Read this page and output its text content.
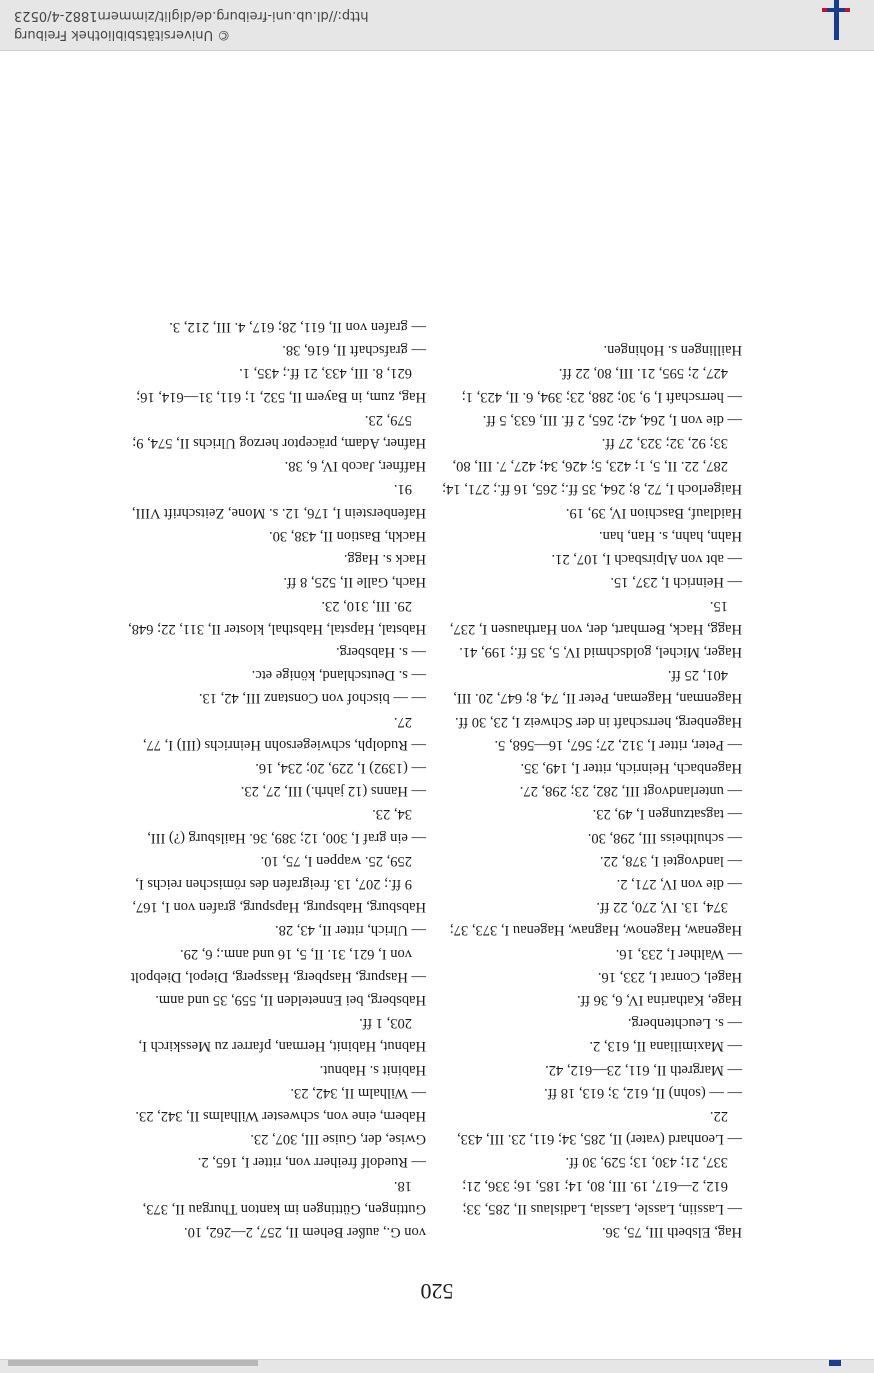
© Universitätsbibliothek Freiburg
http://dl.ub.uni-freiburg.de/diglit/zimmern1882-4/0523
520

Hag, Elsbeth III, 75, 36.

— Lassiin, Lassle, Lassla, Ladislaus II, 285, 33; 612, 2—617, 19. III, 80, 14; 185, 16; 336, 21; 337, 21; 430, 13; 529, 30 ff.

— Leonhard (vater) II, 285, 34; 611, 23. III, 433, 22.

— — (sohn) II, 612, 3; 613, 18 ff.

— Margreth II, 611, 23—612, 42.

— Maximiliana II, 613, 2.

— s. Leuchtenberg.

Hage, Katharina IV, 6, 36 ff.

Hagel, Conrat I, 233, 16.

— Walther I, 233, 16.

Hagenaw, Hagenow, Hagnaw, Hagenau I, 373, 37; 374, 13. IV, 270, 22 ff.

— die von IV, 271, 2.

— landvogtei I, 378, 22.

— schultheiss III, 298, 30.

— tagsatzungen I, 49, 23.

— unterlandvogt III, 282, 23; 298, 27.

Hagenbach, Heinrich, ritter I, 149, 35.

— Peter, ritter I, 312, 27; 567, 16—568, 5.

Hagenberg, herrschaft in der Schweiz I, 23, 30 ff.

Hagenman, Hageman, Peter II, 74, 8; 647, 20. III, 401, 25 ff.

Hager, Michel, goldschmid IV, 5, 35 ff.; 199, 41.

Hagg, Hack, Bernhart, der, von Harthausen I, 237, 15.

— Heinrich I, 237, 15.

— abt von Alpirsbach I, 107, 21.

Hahn, hahn, s. Han, han.

Haidlauf, Baschion IV, 39, 19.

Haigerloch I, 72, 8; 264, 35 ff.; 265, 16 ff.; 271, 14; 287, 22. II, 5, 1; 423, 5; 426, 34; 427, 7. III, 80, 33; 92, 32; 323, 27 ff.

— die von I, 264, 42; 265, 2 ff. III, 633, 5 ff.

— herrschaft I, 9, 30; 288, 23; 394, 6. II, 423, 1; 427, 2; 595, 21. III, 80, 22 ff.

Haillingen s. Hohingen.

von G., außer Behem II, 257, 2—262, 10.

Guttingen, Güttingen im kanton Thurgau II, 373, 18.

— Ruedolf freiherr von, ritter I, 165, 2.

Gwise, der, Guise III, 307, 23.

Habern, eine von, schwester Wilhalms II, 342, 23.

— Wilhalm II, 342, 23.

Habinit s. Habnut.

Habnut, Habinit, Herman, pfarrer zu Messkirch I, 203, 1 ff.

Habsberg, bei Ennetelden II, 559, 35 und anm.

— Haspurg, Haspberg, Hassperg, Diepol, Diebpolt von I, 621, 31. II, 5, 16 und anm.; 6, 29.

— Ulrich, ritter II, 43, 28.

Habsburg, Habspurg, Hapspurg, grafen von I, 167, 9 ff.; 207, 13. freigrafen des römischen reichs I, 259, 25. wappen I, 75, 10.

— ein graf I, 300, 12; 389, 36. Hailsburg (?) III, 34, 23.

— Hanns (12 jahrh.) III, 27, 23.

— (1392) I, 229, 20; 234, 16.

— Rudolph, schwiegersohn Heinrichs (III) I, 77, 27.

— — bischof von Constanz III, 42, 13.

— s. Deutschland, könige etc.

— s. Habsberg.

Habstal, Hapstal, Habsthal, kloster II, 311, 22; 648, 29. III, 310, 23.

Hach, Galle II, 525, 8 ff.

Hack s. Hagg.

Hackh, Bastion II, 438, 30.

Hafenberstein I, 176, 12. s. Mone, Zeitschrift VIII, 91.

Haffner, Jacob IV, 6, 38.

Hafner, Adam, präceptor herzog Ulrichs II, 574, 9; 579, 23.

Hag, zum, in Bayern II, 532, 1; 611, 31—614, 16; 621, 8. III, 433, 21 ff.; 435, 1.

— grafschaft II, 616, 38.

— grafen von II, 611, 28; 617, 4. III, 212, 3.
